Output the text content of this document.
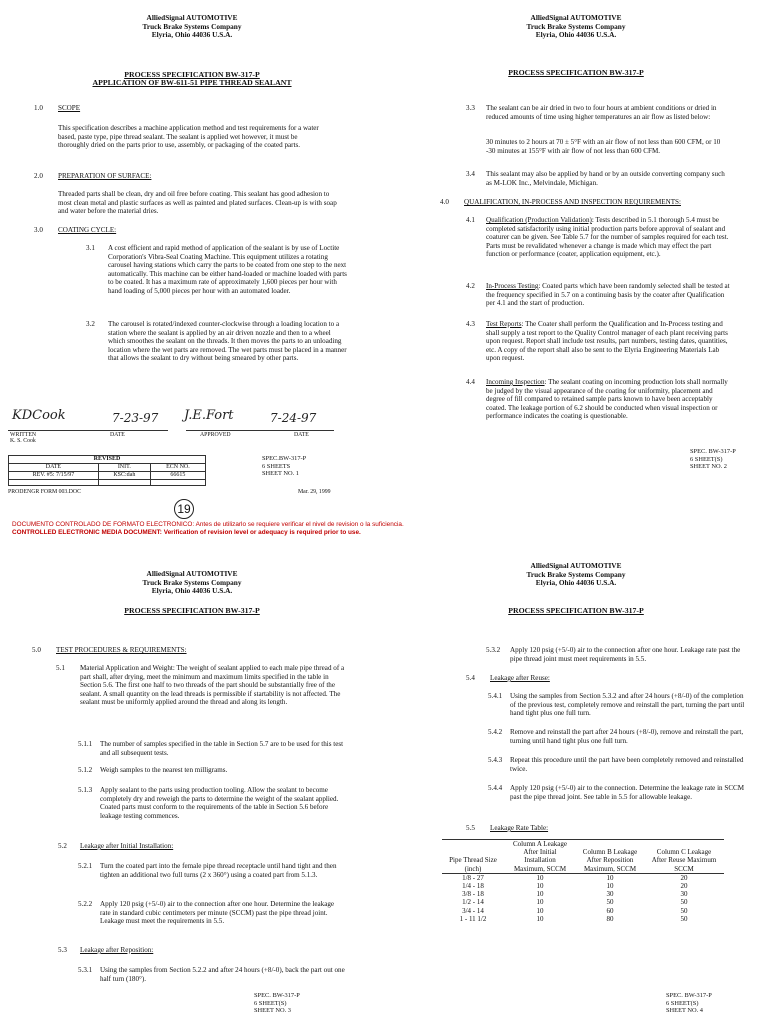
AlliedSignal AUTOMOTIVE
Truck Brake Systems Company
Elyria, Ohio 44036 U.S.A.
PROCESS SPECIFICATION BW-317-P
APPLICATION OF BW-611-51 PIPE THREAD SEALANT
1.0 SCOPE
This specification describes a machine application method and test requirements for a water based, paste type, pipe thread sealant. The sealant is applied wet however, it must be thoroughly dried on the parts prior to use, assembly, or packaging of the coated parts.
2.0 PREPARATION OF SURFACE:
Threaded parts shall be clean, dry and oil free before coating. This sealant has good adhesion to most clean metal and plastic surfaces as well as painted and plated surfaces. Clean-up is with soap and water before the material dries.
3.0 COATING CYCLE:
3.1 A cost efficient and rapid method of application of the sealant is by use of Loctite Corporation's Vibra-Seal Coating Machine. This equipment utilizes a rotating carousel having stations which carry the parts to be coated from one step to the next automatically. This machine can be either hand-loaded or machine loaded with parts to be coated. It has a maximum rate of approximately 1,600 pieces per hour with hand loading of 5,000 pieces per hour with an automated loader.
3.2 The carousel is rotated/indexed counter-clockwise through a loading location to a station where the sealant is applied by an air driven nozzle and then to a wheel which smoothes the sealant on the threads. It then moves the parts to an unloading location where the wet parts are removed. The wet parts must be placed in a manner that allows the sealant to dry without being smeared by other parts.
KDCook	7-23-97
WRITTEN	DATE
K. S. Cook
J.E.Fort	7-24-97
APPROVED	DATE
REVISED		
DATE	INIT.	ECN NO.
REV. #5: 7/15/97	KSC:dah	66615

SPEC.BW-317-P
6 SHEETS
SHEET NO. 1
PRODENGR FORM 003.DOC	Mar. 29, 1999
19
DOCUMENTO CONTROLADO DE FORMATO ELECTRONICO: Antes de utilizarlo se requiere verificar el nivel de revision o la suficiencia.
CONTROLLED ELECTRONIC MEDIA DOCUMENT: Verification of revision level or adequacy is required prior to use.
AlliedSignal AUTOMOTIVE
Truck Brake Systems Company
Elyria, Ohio 44036 U.S.A.
PROCESS SPECIFICATION BW-317-P
3.3 The sealant can be air dried in two to four hours at ambient conditions or dried in reduced amounts of time using higher temperatures an air flow as listed below:
30 minutes to 2 hours at 70 ± 5°F with an air flow of not less than 600 CFM, or 10 -30 minutes at 155°F with air flow of not less than 600 CFM.
3.4 This sealant may also be applied by hand or by an outside converting company such as M-LOK Inc., Melvindale, Michigan.
4.0 QUALIFICATION, IN-PROCESS AND INSPECTION REQUIREMENTS:
4.1 Qualification (Production Validation): Tests described in 5.1 thorough 5.4 must be completed satisfactorily using initial production parts before approval of sealant and coaturer can be given. See Table 5.7 for the number of samples required for each test. Parts must be revalidated whenever a change is made which may effect the part function or performance (coater, application equipment, etc.).
4.2 In-Process Testing: Coated parts which have been randomly selected shall be tested at the frequency specified in 5.7 on a continuing basis by the coater after Qualification per 4.1 and the start of production.
4.3 Test Reports: The Coater shall perform the Qualification and In-Process testing and shall supply a test report to the Quality Control manager of each plant receiving parts upon request. Report shall include test results, part numbers, testing dates, quantities, etc. A copy of the report shall also be sent to the Elyria Engineering Materials Lab upon request.
4.4 Incoming Inspection: The sealant coating on incoming production lots shall normally be judged by the visual appearance of the coating for uniformity, placement and degree of fill compared to retained sample parts known to have been acceptably coated. The leakage portion of 6.2 should be conducted when visual inspection or performance indicates the coating is questionable.
SPEC. BW-317-P
6 SHEET(S)
SHEET NO. 2
AlliedSignal AUTOMOTIVE
Truck Brake Systems Company
Elyria, Ohio 44036 U.S.A.
PROCESS SPECIFICATION BW-317-P
5.0 TEST PROCEDURES & REQUIREMENTS:
5.1 Material Application and Weight: The weight of sealant applied to each male pipe thread of a part shall, after drying, meet the minimum and maximum limits specified in the table in Section 5.6. The first one half to two threads of the part should be substantially free of the sealant. A small quantity on the lead threads is permissible if startability is not affected. The sealant must be uniformly applied around the thread and along its length.
5.1.1 The number of samples specified in the table in Section 5.7 are to be used for this test and all subsequent tests.
5.1.2 Weigh samples to the nearest ten milligrams.
5.1.3 Apply sealant to the parts using production tooling. Allow the sealant to become completely dry and reweigh the parts to determine the weight of the sealant applied. Coated parts must conform to the requirements of the table in Section 5.6 before leakage testing commences.
5.2 Leakage after Initial Installation:
5.2.1 Turn the coated part into the female pipe thread receptacle until hand tight and then tighten an additional two full turns (2 x 360°) using a coated part from 5.1.3.
5.2.2 Apply 120 psig (+5/-0) air to the connection after one hour. Determine the leakage rate in standard cubic centimeters per minute (SCCM) past the pipe thread joint. Leakage must meet the requirements in 5.5.
5.3 Leakage after Reposition:
5.3.1 Using the samples from Section 5.2.2 and after 24 hours (+8/-0), back the part out one half turn (180°).
SPEC. BW-317-P
6 SHEET(S)
SHEET NO. 3
AlliedSignal AUTOMOTIVE
Truck Brake Systems Company
Elyria, Ohio 44036 U.S.A.
PROCESS SPECIFICATION BW-317-P
5.3.2 Apply 120 psig (+5/-0) air to the connection after one hour. Leakage rate past the pipe thread joint must meet requirements in 5.5.
5.4 Leakage after Reuse:
5.4.1 Using the samples from Section 5.3.2 and after 24 hours (+8/-0) of the completion of the previous test, completely remove and reinstall the part, turning the part until hand tight plus one full turn.
5.4.2 Remove and reinstall the part after 24 hours (+8/-0), remove and reinstall the part, turning until hand tight plus one full turn.
5.4.3 Repeat this procedure until the part have been completely removed and reinstalled twice.
5.4.4 Apply 120 psig (+5/-0) air to the connection. Determine the leakage rate in SCCM past the pipe thread joint. See table in 5.5 for allowable leakage.
5.5 Leakage Rate Table:
Pipe Thread Size (inch)	Column A Leakage After Initial Installation Maximum, SCCM	Column B Leakage After Reposition Maximum, SCCM	Column C Leakage After Reuse Maximum SCCM
1/8 - 27	10	10	20
1/4 - 18	10	10	20
3/8 - 18	10	30	30
1/2 - 14	10	50	50
3/4 - 14	10	60	50
1 - 11 1/2	10	80	50
SPEC. BW-317-P
6 SHEET(S)
SHEET NO. 4
